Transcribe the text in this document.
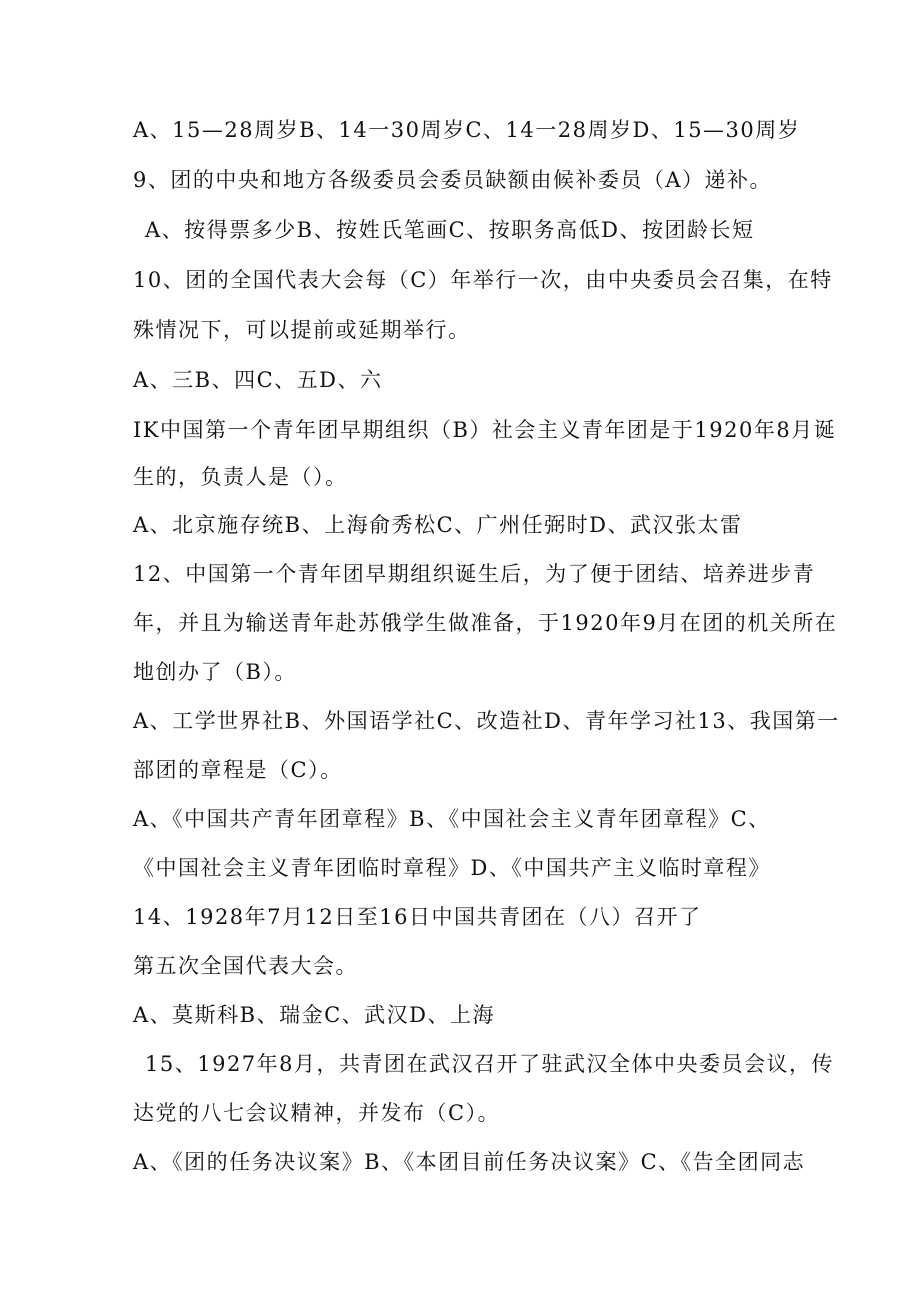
A、15—28周岁B、14一30周岁C、14一28周岁D、15—30周岁
9、团的中央和地方各级委员会委员缺额由候补委员（A）递补。
A、按得票多少B、按姓氏笔画C、按职务高低D、按团龄长短
10、团的全国代表大会每（C）年举行一次，由中央委员会召集，在特
殊情况下，可以提前或延期举行。
A、三B、四C、五D、六
IK中国第一个青年团早期组织（B）社会主义青年团是于1920年8月诞
生的，负责人是（）。
A、北京施存统B、上海俞秀松C、广州任弼时D、武汉张太雷
12、中国第一个青年团早期组织诞生后，为了便于团结、培养进步青
年，并且为输送青年赴苏俄学生做准备，于1920年9月在团的机关所在
地创办了（B）。
A、工学世界社B、外国语学社C、改造社D、青年学习社13、我国第一
部团的章程是（C）。
A、《中国共产青年团章程》B、《中国社会主义青年团章程》C、
《中国社会主义青年团临时章程》D、《中国共产主义临时章程》
14、1928年7月12日至16日中国共青团在（八）召开了
第五次全国代表大会。
A、莫斯科B、瑞金C、武汉D、上海
15、1927年8月，共青团在武汉召开了驻武汉全体中央委员会议，传
达党的八七会议精神，并发布（C）。
A、《团的任务决议案》B、《本团目前任务决议案》C、《告全团同志
